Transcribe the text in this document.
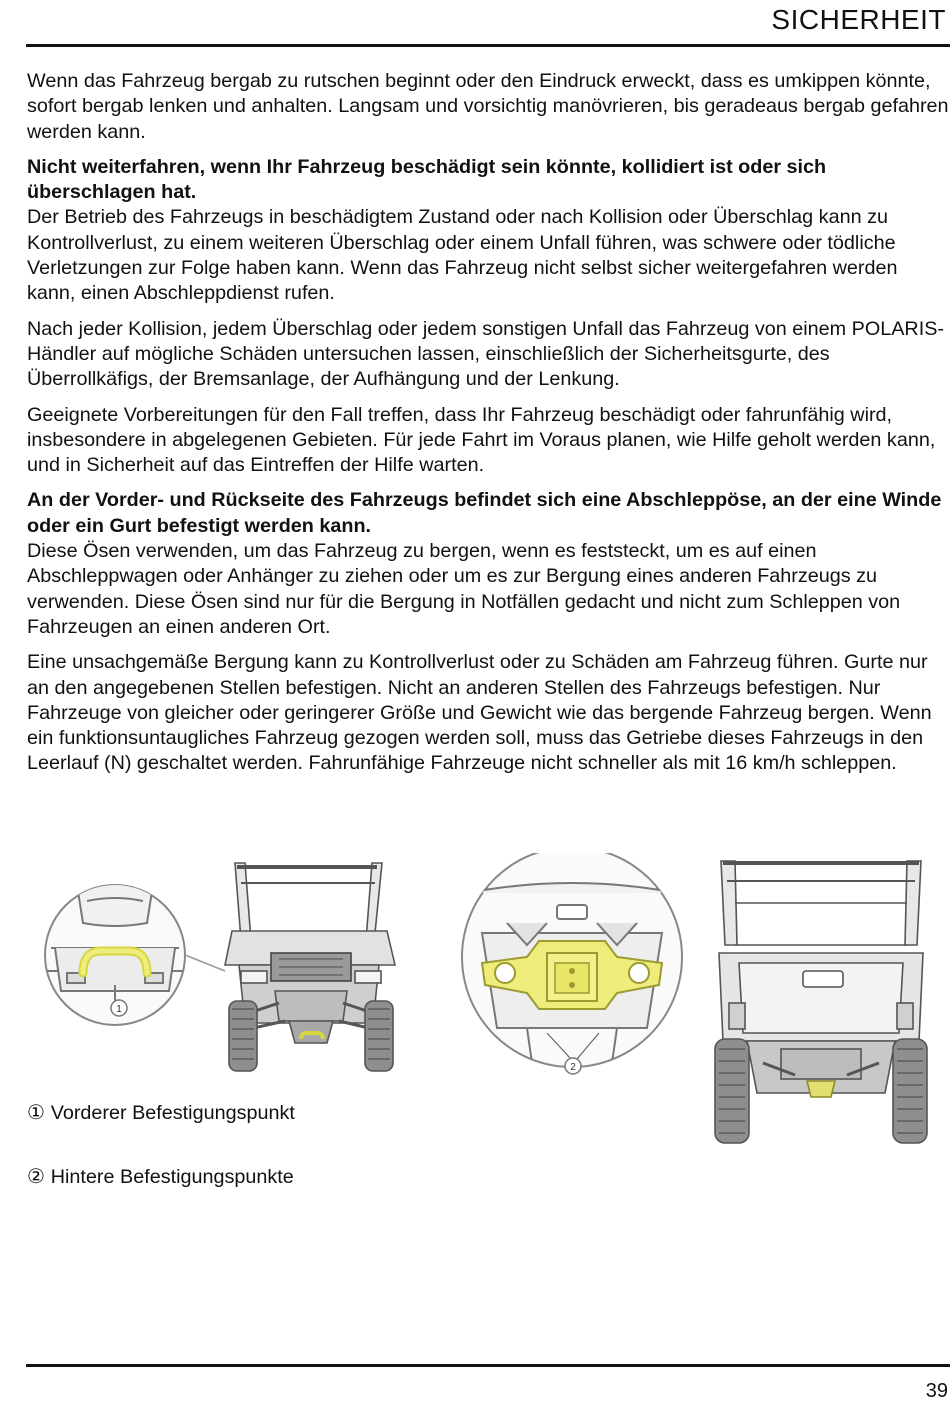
SICHERHEIT

Wenn das Fahrzeug bergab zu rutschen beginnt oder den Eindruck erweckt, dass es umkippen könnte, sofort bergab lenken und anhalten. Langsam und vorsichtig manövrieren, bis geradeaus bergab gefahren werden kann.

Nicht weiterfahren, wenn Ihr Fahrzeug beschädigt sein könnte, kollidiert ist oder sich überschlagen hat.

Der Betrieb des Fahrzeugs in beschädigtem Zustand oder nach Kollision oder Überschlag kann zu Kontrollverlust, zu einem weiteren Überschlag oder einem Unfall führen, was schwere oder tödliche Verletzungen zur Folge haben kann. Wenn das Fahrzeug nicht selbst sicher weitergefahren werden kann, einen Abschleppdienst rufen.

Nach jeder Kollision, jedem Überschlag oder jedem sonstigen Unfall das Fahrzeug von einem POLARIS-Händler auf mögliche Schäden untersuchen lassen, einschließlich der Sicherheitsgurte, des Überrollkäfigs, der Bremsanlage, der Aufhängung und der Lenkung.

Geeignete Vorbereitungen für den Fall treffen, dass Ihr Fahrzeug beschädigt oder fahrunfähig wird, insbesondere in abgelegenen Gebieten. Für jede Fahrt im Voraus planen, wie Hilfe geholt werden kann, und in Sicherheit auf das Eintreffen der Hilfe warten.

An der Vorder- und Rückseite des Fahrzeugs befindet sich eine Abschleppöse, an der eine Winde oder ein Gurt befestigt werden kann.

Diese Ösen verwenden, um das Fahrzeug zu bergen, wenn es feststeckt, um es auf einen Abschleppwagen oder Anhänger zu ziehen oder um es zur Bergung eines anderen Fahrzeugs zu verwenden. Diese Ösen sind nur für die Bergung in Notfällen gedacht und nicht zum Schleppen von Fahrzeugen an einen anderen Ort.

Eine unsachgemäße Bergung kann zu Kontrollverlust oder zu Schäden am Fahrzeug führen. Gurte nur an den angegebenen Stellen befestigen. Nicht an anderen Stellen des Fahrzeugs befestigen. Nur Fahrzeuge von gleicher oder geringerer Größe und Gewicht wie das bergende Fahrzeug bergen. Wenn ein funktionsuntaugliches Fahrzeug gezogen werden soll, muss das Getriebe dieses Fahrzeugs in den Leerlauf (N) geschaltet werden. Fahrunfähige Fahrzeuge nicht schneller als mit 16 km/h schleppen.

1
2
① Vorderer Befestigungspunkt
② Hintere Befestigungspunkte
39
